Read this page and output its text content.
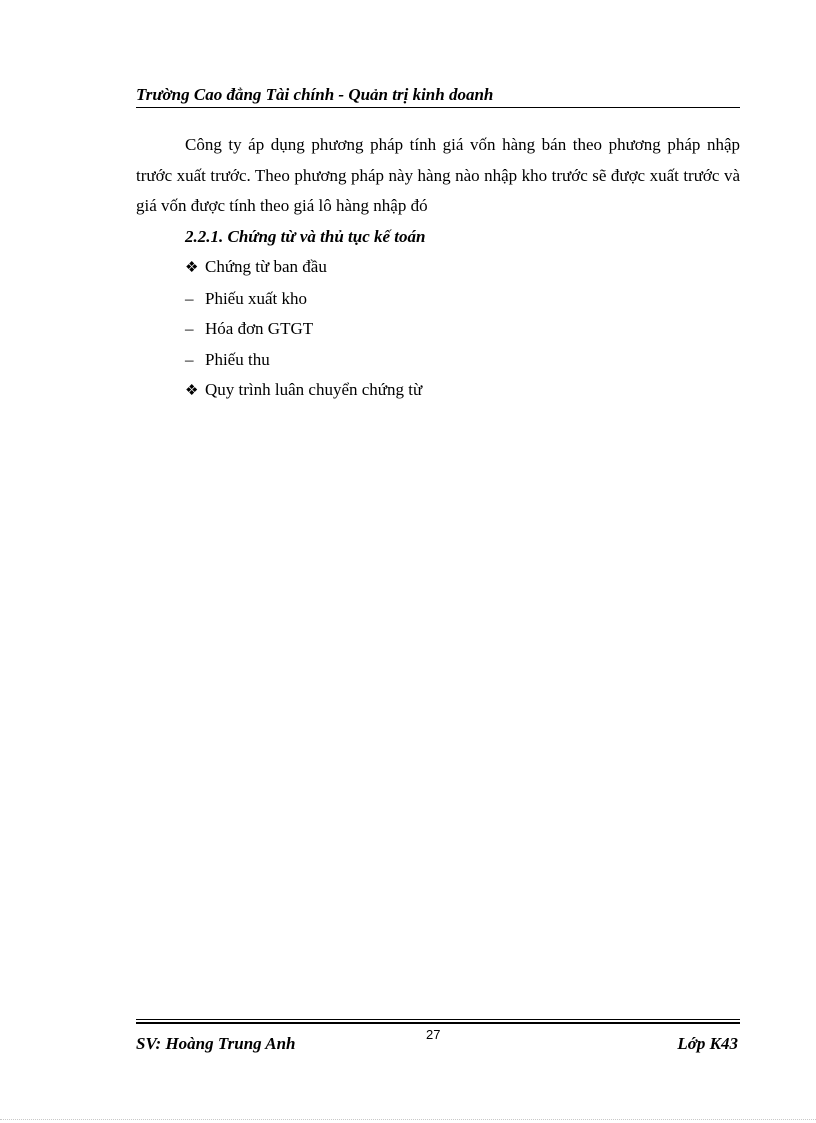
Trường Cao đẳng Tài chính - Quản trị kinh doanh

Công ty áp dụng phương pháp tính giá vốn hàng bán theo phương pháp nhập trước xuất trước. Theo phương pháp này hàng nào nhập kho trước sẽ được xuất trước và giá vốn được tính theo giá lô hàng nhập đó

2.2.1. Chứng từ và thủ tục kế toán

❖ Chứng từ ban đầu

– Phiếu xuất kho

– Hóa đơn GTGT

– Phiếu thu

❖ Quy trình luân chuyển chứng từ

SV: Hoàng Trung Anh	27	Lớp K43
